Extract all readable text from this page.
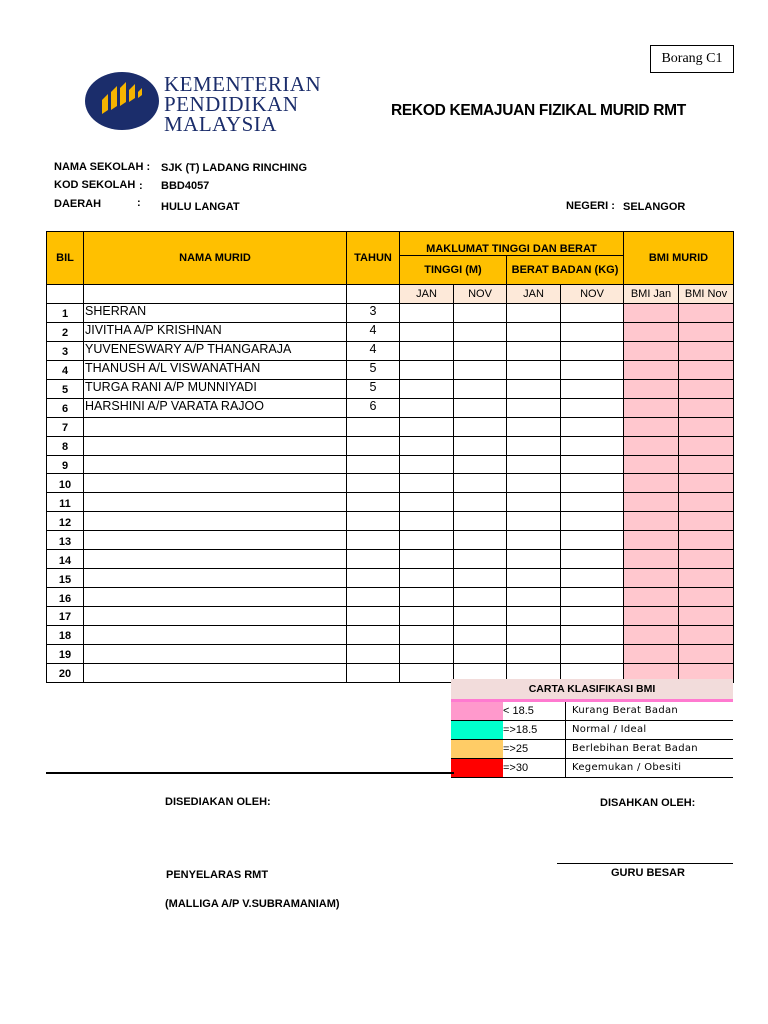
Borang C1
KEMENTERIAN
PENDIDIKAN
MALAYSIA
REKOD KEMAJUAN FIZIKAL MURID RMT
NAMA SEKOLAH : SJK (T) LADANG RINCHING
KOD SEKOLAH : BBD4057
DAERAH	: HULU LANGAT	NEGERI : SELANGOR
BIL	NAMA MURID	TAHUN	MAKLUMAT TINGGI DAN BERAT				BMI MURID	
			TINGGI (M)		BERAT BADAN (KG)			
			JAN	NOV	JAN	NOV	BMI Jan	BMI Nov
1	SHERRAN	3						
2	JIVITHA A/P KRISHNAN	4						
3	YUVENESWARY A/P THANGARAJA	4						
4	THANUSH A/L VISWANATHAN	5						
5	TURGA RANI A/P MUNNIYADI	5						
6	HARSHINI A/P VARATA RAJOO	6						
7								
8								
9								
10								
11								
12								
13								
14								
15								
16								
17								
18								
19								
20								
CARTA KLASIFIKASI BMI
< 18.5	Kurang Berat Badan
=>18.5	Normal / Ideal
=>25	Berlebihan Berat Badan
=>30	Kegemukan / Obesiti
DISEDIAKAN OLEH:	DISAHKAN OLEH:
GURU BESAR
PENYELARAS RMT
(MALLIGA A/P V.SUBRAMANIAM)
